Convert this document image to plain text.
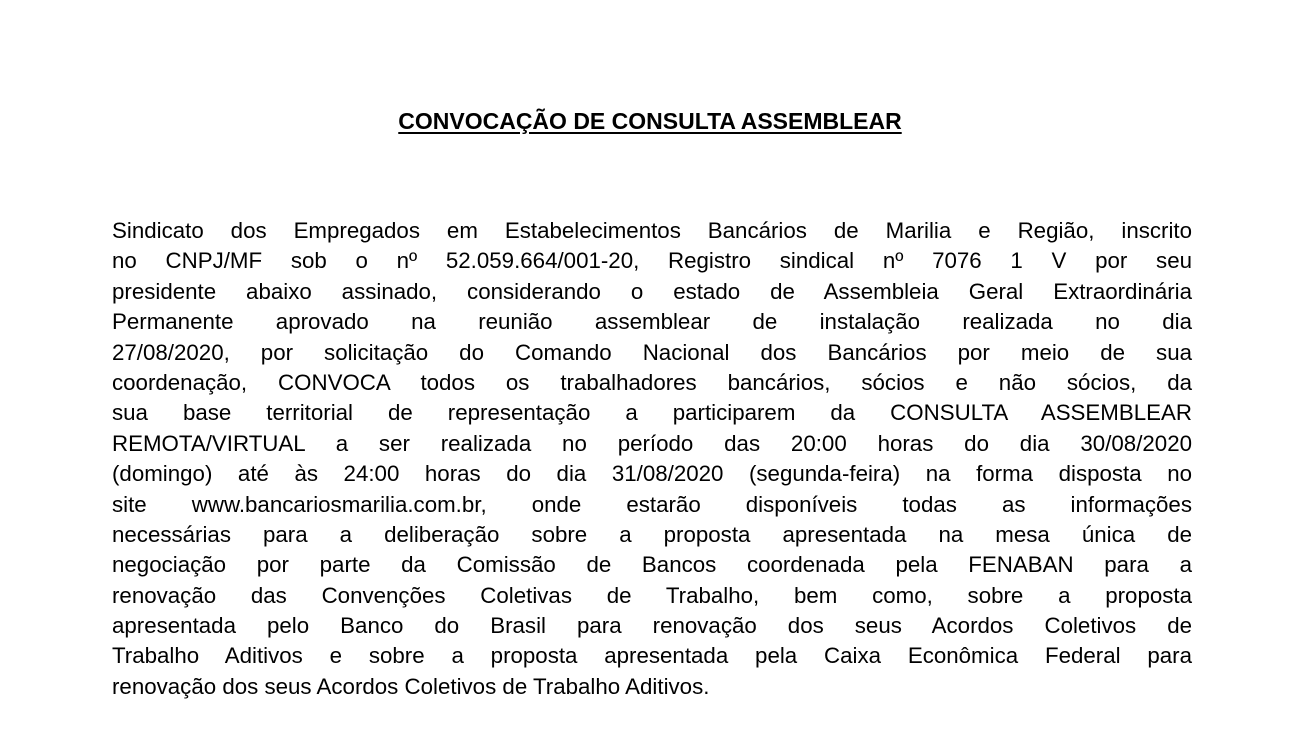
CONVOCAÇÃO DE CONSULTA ASSEMBLEAR
Sindicato dos Empregados em Estabelecimentos Bancários de Marilia e Região, inscrito
no CNPJ/MF sob o nº 52.059.664/001-20, Registro sindical nº 7076 1 V por seu
presidente abaixo assinado, considerando o estado de Assembleia Geral Extraordinária
Permanente aprovado na reunião assemblear de instalação realizada no dia
27/08/2020, por solicitação do Comando Nacional dos Bancários por meio de sua
coordenação, CONVOCA todos os trabalhadores bancários, sócios e não sócios, da
sua base territorial de representação a participarem da CONSULTA ASSEMBLEAR
REMOTA/VIRTUAL a ser realizada no período das 20:00 horas do dia 30/08/2020
(domingo) até às 24:00 horas do dia 31/08/2020 (segunda-feira) na forma disposta no
site www.bancariosmarilia.com.br, onde estarão disponíveis todas as informações
necessárias para a deliberação sobre a proposta apresentada na mesa única de
negociação por parte da Comissão de Bancos coordenada pela FENABAN para a
renovação das Convenções Coletivas de Trabalho, bem como, sobre a proposta
apresentada pelo Banco do Brasil para renovação dos seus Acordos Coletivos de
Trabalho Aditivos e sobre a proposta apresentada pela Caixa Econômica Federal para
renovação dos seus Acordos Coletivos de Trabalho Aditivos.
